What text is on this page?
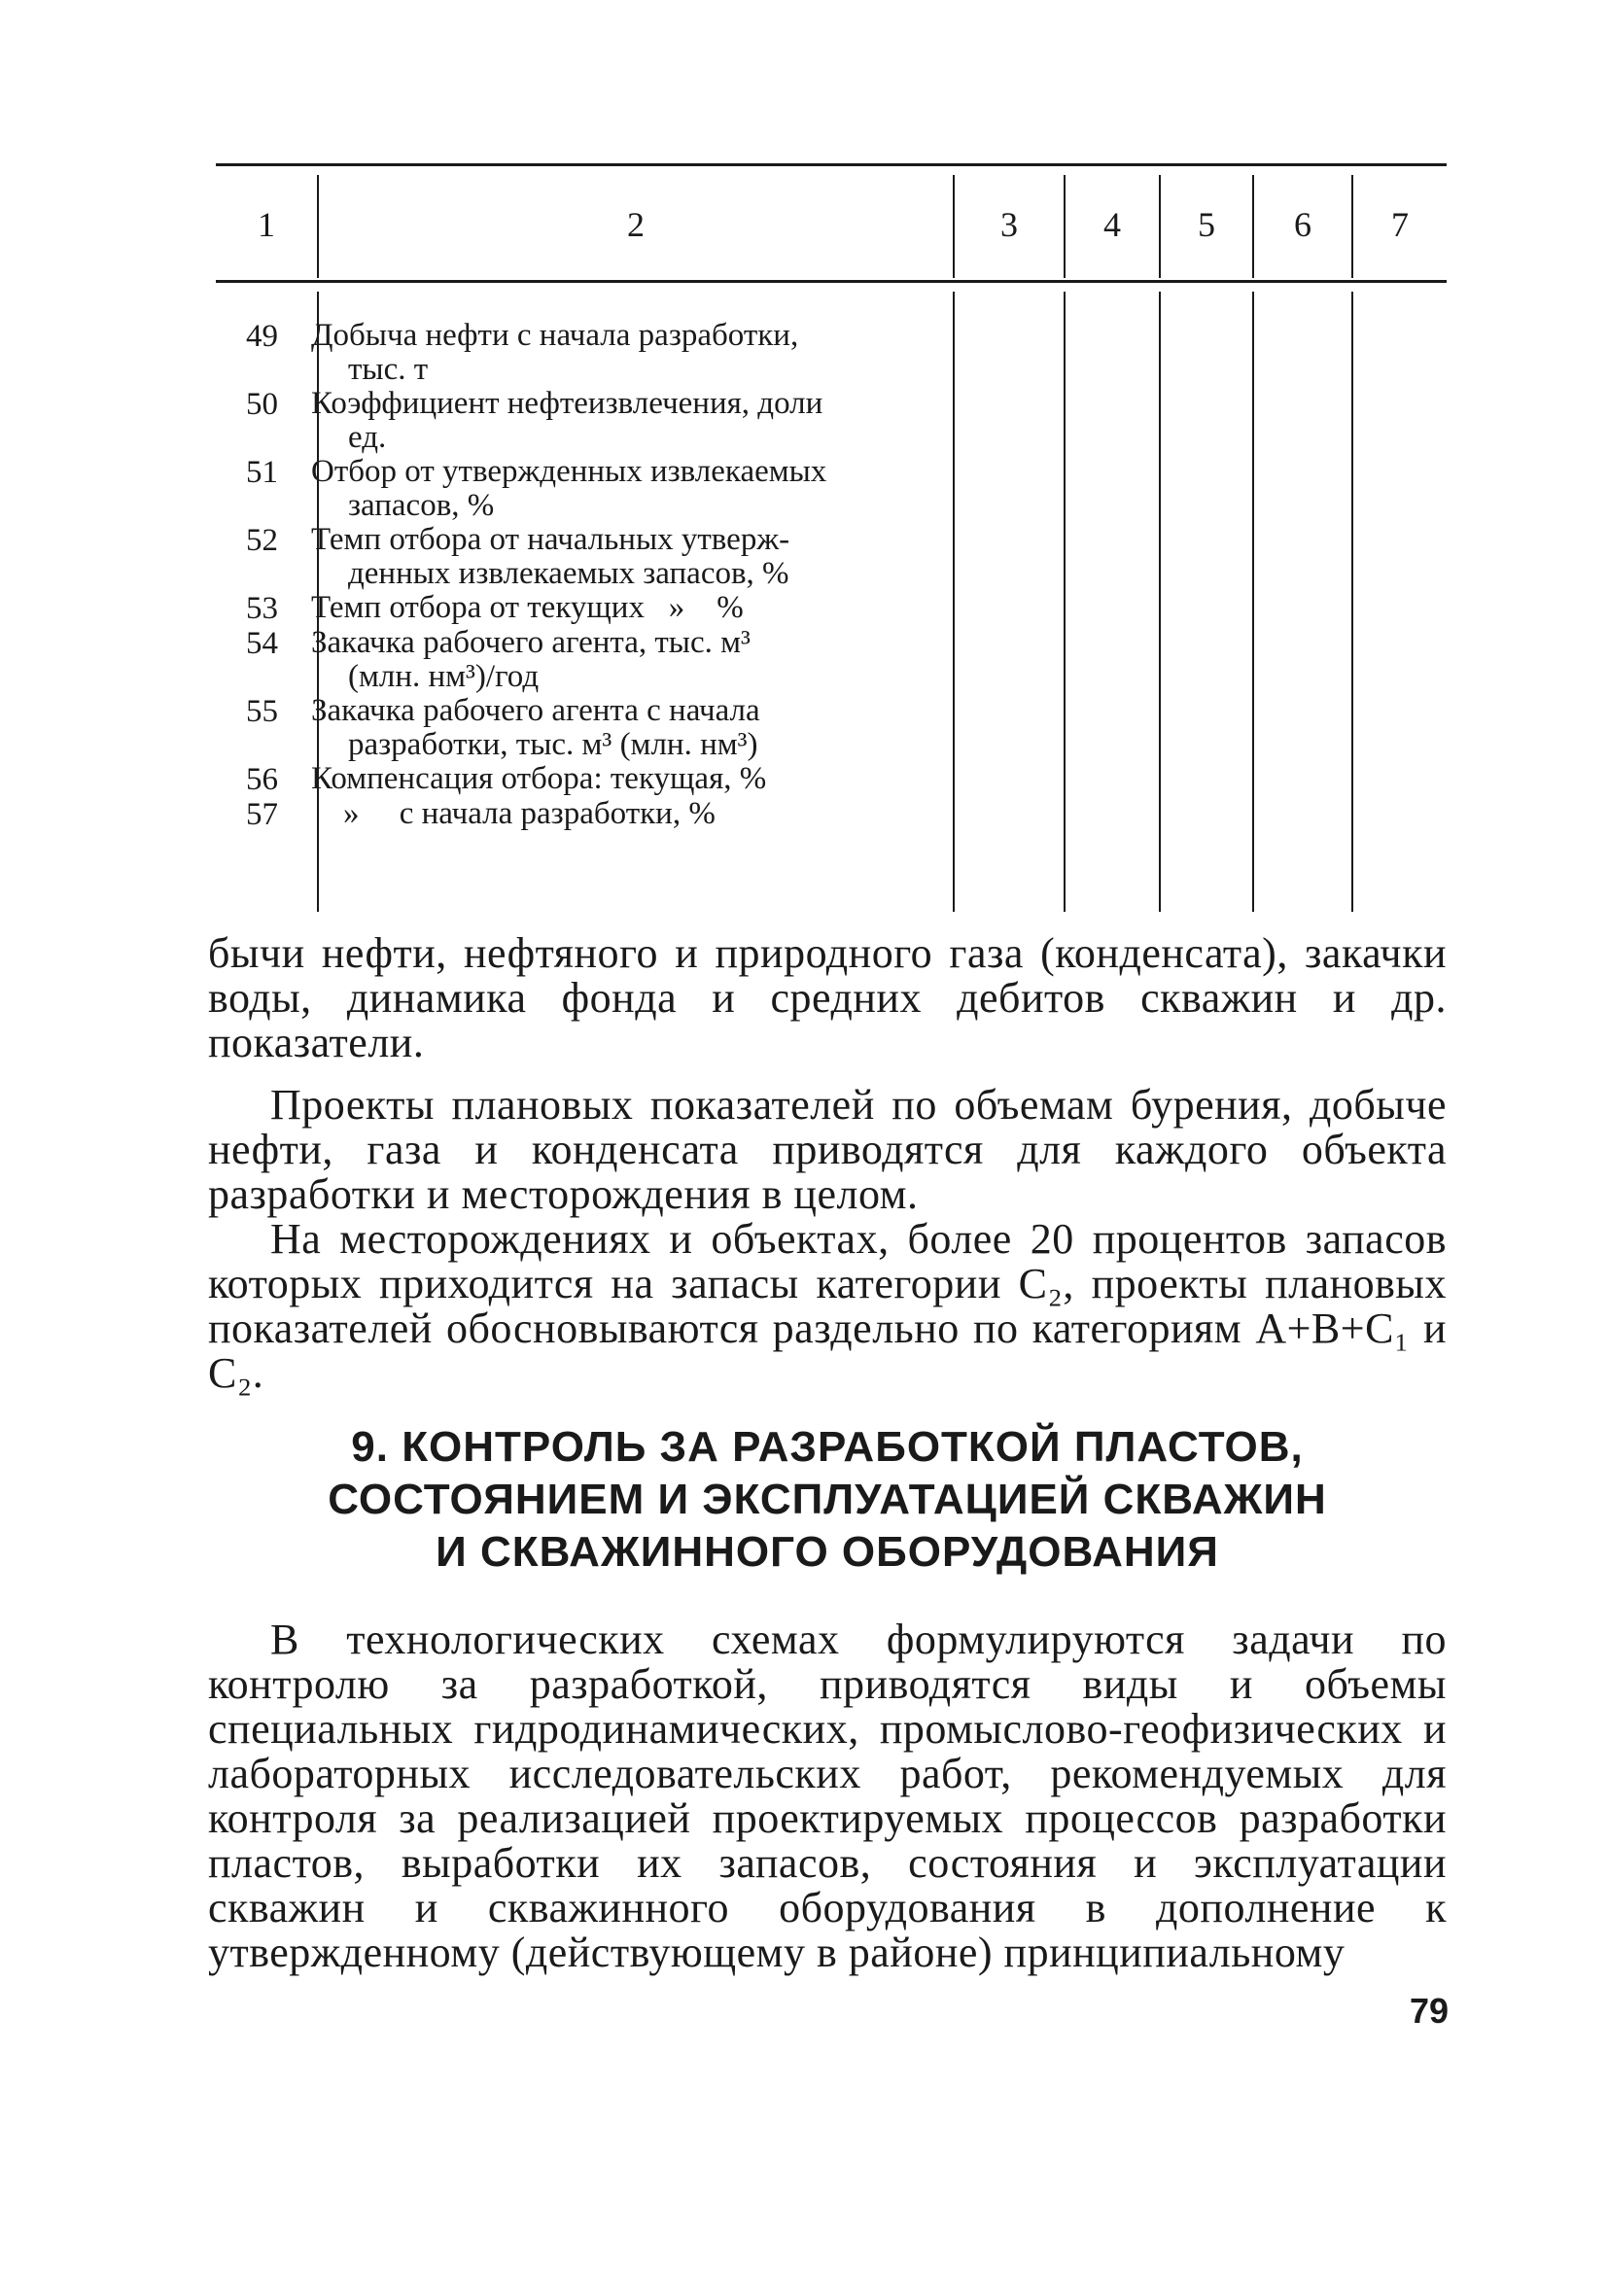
1	2	3	4	5	6	7
49 Добыча нефти с начала разработки,
тыс. т
50 Коэффициент нефтеизвлечения, доли
ед.
51 Отбор от утвержденных извлекаемых
запасов, %
52 Темп отбора от начальных утверж-
денных извлекаемых запасов, %
53 Темп отбора от текущих   »    %
54 Закачка рабочего агента, тыс. м³
(млн. нм³)/год
55 Закачка рабочего агента с начала
разработки, тыс. м³ (млн. нм³)
56 Компенсация отбора: текущая, %
57 »     с начала разработки, %

бычи нефти, нефтяного и природного газа (конденсата), закачки воды, динамика фонда и средних дебитов скважин и др. показатели.

Проекты плановых показателей по объемам бурения, добыче нефти, газа и конденсата приводятся для каждого объекта разработки и месторождения в целом.

На месторождениях и объектах, более 20 процентов запасов которых приходится на запасы категории C₂, проекты плановых показателей обосновываются раздельно по категориям A+B+C₁ и C₂.

9. КОНТРОЛЬ ЗА РАЗРАБОТКОЙ ПЛАСТОВ,
СОСТОЯНИЕМ И ЭКСПЛУАТАЦИЕЙ СКВАЖИН
И СКВАЖИННОГО ОБОРУДОВАНИЯ

В технологических схемах формулируются задачи по контролю за разработкой, приводятся виды и объемы специальных гидродинамических, промыслово-геофизических и лабораторных исследовательских работ, рекомендуемых для контроля за реализацией проектируемых процессов разработки пластов, выработки их запасов, состояния и эксплуатации скважин и скважинного оборудования в дополнение к утвержденному (действующему в районе) принципиальному

79
